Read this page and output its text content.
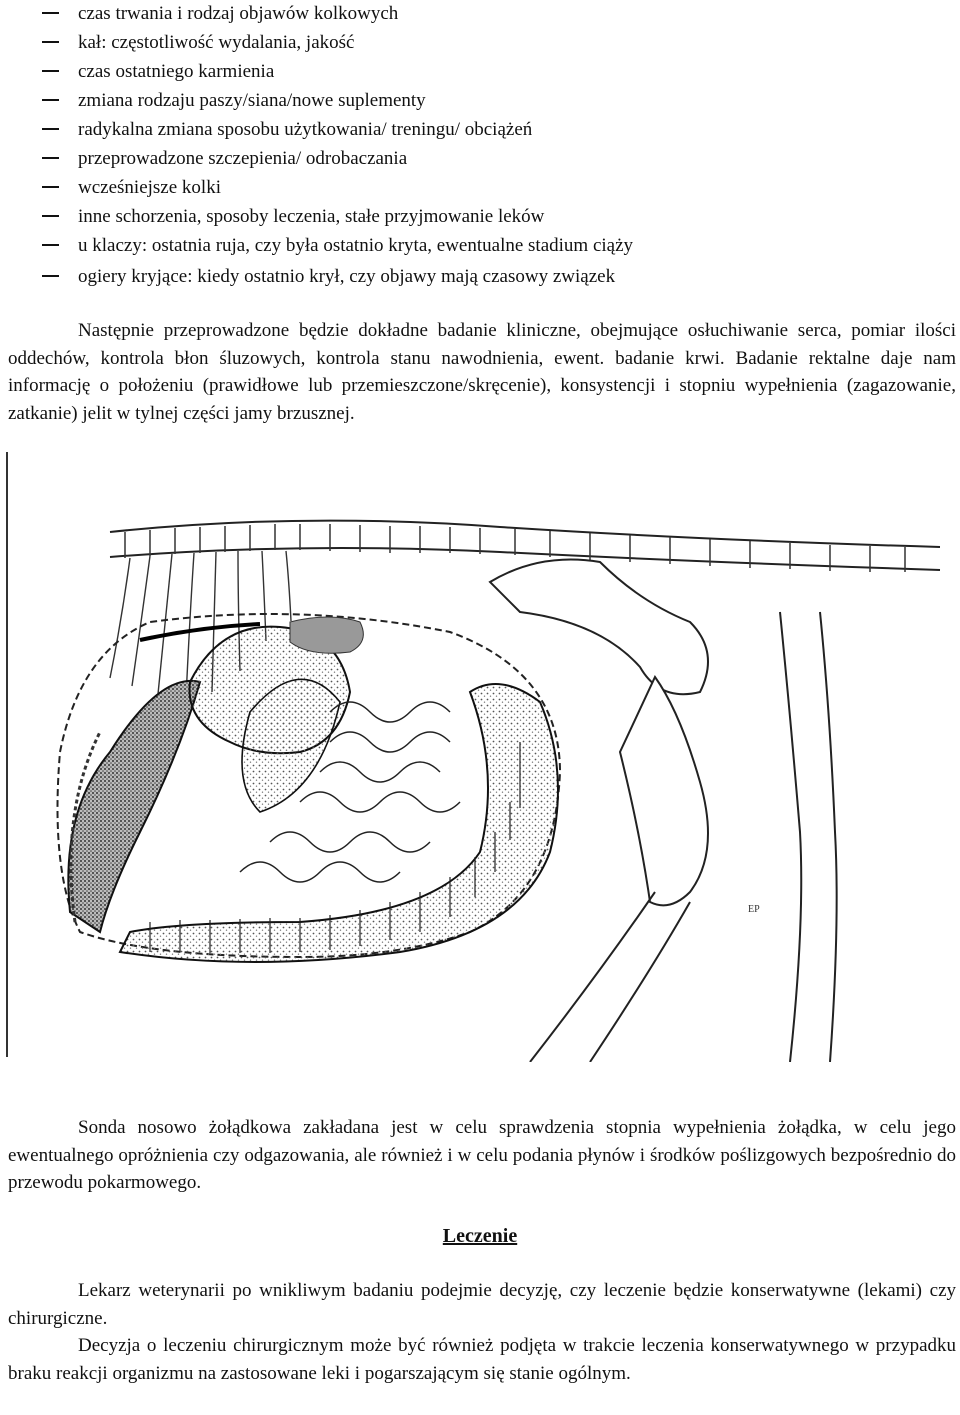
czas trwania i rodzaj objawów kolkowych
kał: częstotliwość wydalania, jakość
czas ostatniego karmienia
zmiana rodzaju paszy/siana/nowe suplementy
radykalna zmiana sposobu użytkowania/ treningu/ obciążeń
przeprowadzone szczepienia/ odrobaczania
wcześniejsze kolki
inne schorzenia, sposoby leczenia, stałe przyjmowanie leków
u klaczy: ostatnia ruja, czy była ostatnio kryta, ewentualne stadium ciąży
ogiery kryjące: kiedy ostatnio krył, czy objawy mają czasowy związek

Następnie przeprowadzone będzie dokładne badanie kliniczne, obejmujące osłuchiwanie serca, pomiar ilości oddechów, kontrola błon śluzowych, kontrola stanu nawodnienia, ewent. badanie krwi. Badanie rektalne daje nam informację o położeniu (prawidłowe lub przemieszczone/skręcenie), konsystencji i stopniu wypełnienia (zagazowanie, zatkanie) jelit w tylnej części jamy brzusznej.

EP

Sonda nosowo żołądkowa zakładana jest w celu sprawdzenia stopnia wypełnienia żołądka, w celu jego ewentualnego opróżnienia czy odgazowania, ale również i w celu podania płynów i środków poślizgowych bezpośrednio do przewodu pokarmowego.

Leczenie

Lekarz weterynarii po wnikliwym badaniu podejmie decyzję, czy leczenie będzie konserwatywne (lekami) czy chirurgiczne.

Decyzja o leczeniu chirurgicznym może być również podjęta w trakcie leczenia konserwatywnego w przypadku braku reakcji organizmu na zastosowane leki i pogarszającym się stanie ogólnym.
